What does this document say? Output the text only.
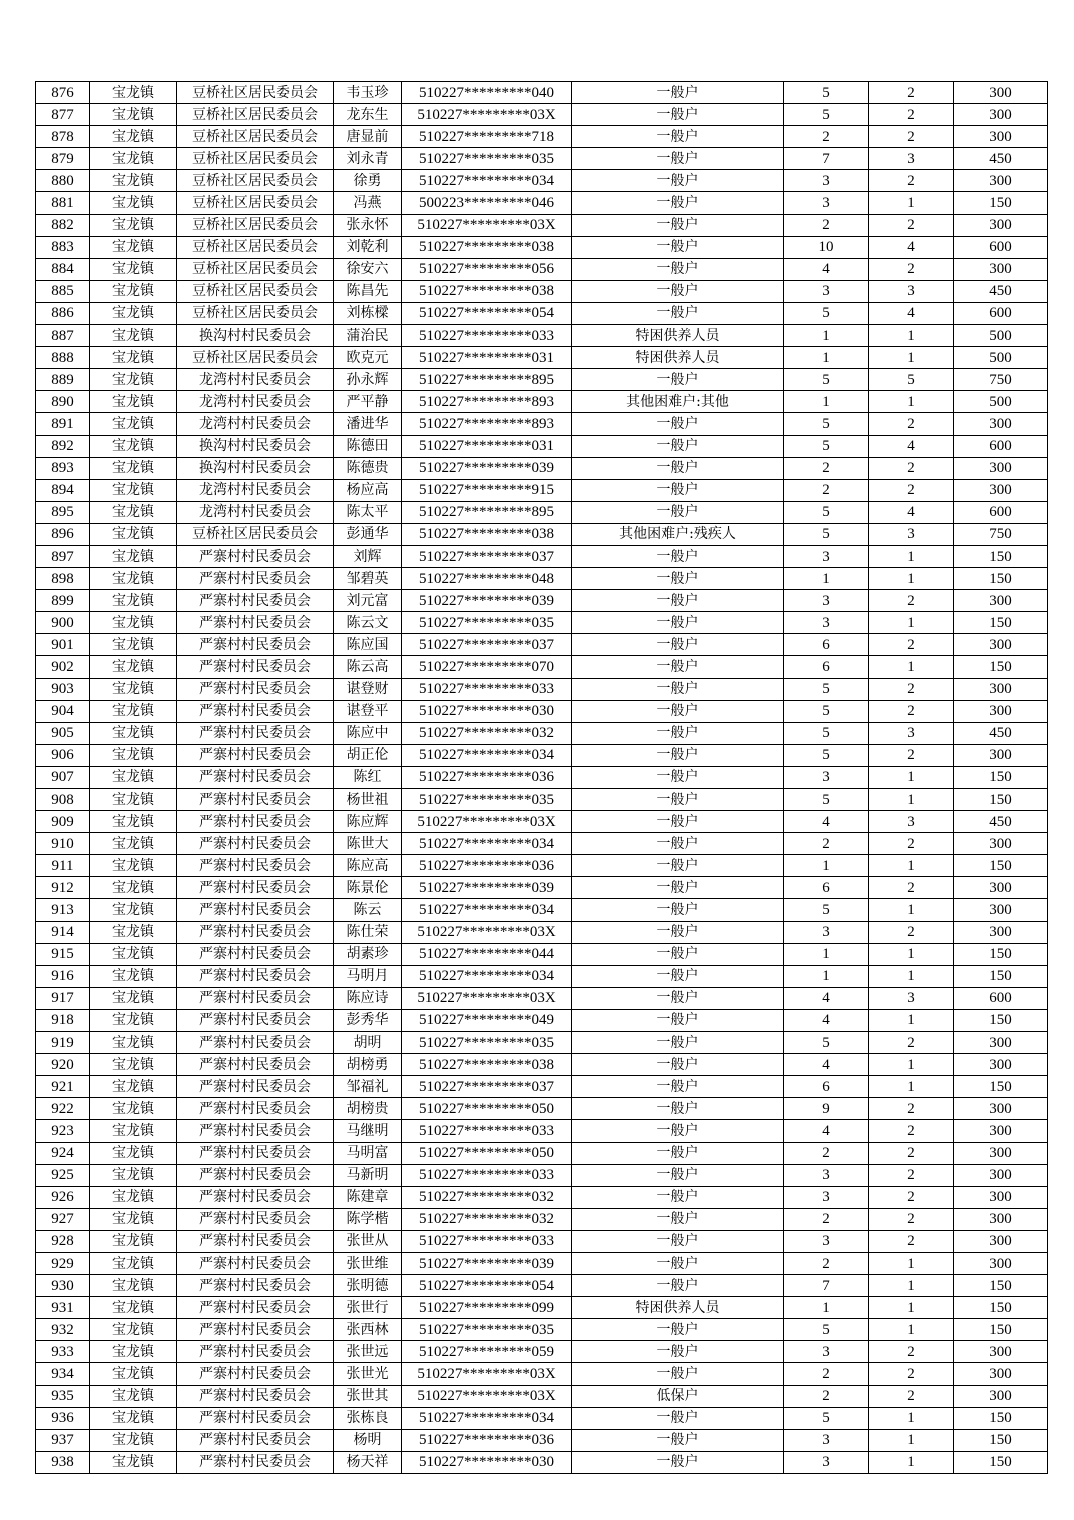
876	宝龙镇	豆桥社区居民委员会	韦玉珍	510227*********040	一般户	5	2	300
877	宝龙镇	豆桥社区居民委员会	龙东生	510227*********03X	一般户	5	2	300
878	宝龙镇	豆桥社区居民委员会	唐显前	510227*********718	一般户	2	2	300
879	宝龙镇	豆桥社区居民委员会	刘永青	510227*********035	一般户	7	3	450
880	宝龙镇	豆桥社区居民委员会	徐勇	510227*********034	一般户	3	2	300
881	宝龙镇	豆桥社区居民委员会	冯燕	500223*********046	一般户	3	1	150
882	宝龙镇	豆桥社区居民委员会	张永怀	510227*********03X	一般户	2	2	300
883	宝龙镇	豆桥社区居民委员会	刘乾利	510227*********038	一般户	10	4	600
884	宝龙镇	豆桥社区居民委员会	徐安六	510227*********056	一般户	4	2	300
885	宝龙镇	豆桥社区居民委员会	陈昌先	510227*********038	一般户	3	3	450
886	宝龙镇	豆桥社区居民委员会	刘栋樑	510227*********054	一般户	5	4	600
887	宝龙镇	换沟村村民委员会	蒲治民	510227*********033	特困供养人员	1	1	500
888	宝龙镇	豆桥社区居民委员会	欧克元	510227*********031	特困供养人员	1	1	500
889	宝龙镇	龙湾村村民委员会	孙永辉	510227*********895	一般户	5	5	750
890	宝龙镇	龙湾村村民委员会	严平静	510227*********893	其他困难户:其他	1	1	500
891	宝龙镇	龙湾村村民委员会	潘进华	510227*********893	一般户	5	2	300
892	宝龙镇	换沟村村民委员会	陈德田	510227*********031	一般户	5	4	600
893	宝龙镇	换沟村村民委员会	陈德贵	510227*********039	一般户	2	2	300
894	宝龙镇	龙湾村村民委员会	杨应高	510227*********915	一般户	2	2	300
895	宝龙镇	龙湾村村民委员会	陈太平	510227*********895	一般户	5	4	600
896	宝龙镇	豆桥社区居民委员会	彭通华	510227*********038	其他困难户:残疾人	5	3	750
897	宝龙镇	严寨村村民委员会	刘辉	510227*********037	一般户	3	1	150
898	宝龙镇	严寨村村民委员会	邹碧英	510227*********048	一般户	1	1	150
899	宝龙镇	严寨村村民委员会	刘元富	510227*********039	一般户	3	2	300
900	宝龙镇	严寨村村民委员会	陈云文	510227*********035	一般户	3	1	150
901	宝龙镇	严寨村村民委员会	陈应国	510227*********037	一般户	6	2	300
902	宝龙镇	严寨村村民委员会	陈云高	510227*********070	一般户	6	1	150
903	宝龙镇	严寨村村民委员会	谌登财	510227*********033	一般户	5	2	300
904	宝龙镇	严寨村村民委员会	谌登平	510227*********030	一般户	5	2	300
905	宝龙镇	严寨村村民委员会	陈应中	510227*********032	一般户	5	3	450
906	宝龙镇	严寨村村民委员会	胡正伦	510227*********034	一般户	5	2	300
907	宝龙镇	严寨村村民委员会	陈红	510227*********036	一般户	3	1	150
908	宝龙镇	严寨村村民委员会	杨世祖	510227*********035	一般户	5	1	150
909	宝龙镇	严寨村村民委员会	陈应辉	510227*********03X	一般户	4	3	450
910	宝龙镇	严寨村村民委员会	陈世大	510227*********034	一般户	2	2	300
911	宝龙镇	严寨村村民委员会	陈应高	510227*********036	一般户	1	1	150
912	宝龙镇	严寨村村民委员会	陈景伦	510227*********039	一般户	6	2	300
913	宝龙镇	严寨村村民委员会	陈云	510227*********034	一般户	5	1	300
914	宝龙镇	严寨村村民委员会	陈仕荣	510227*********03X	一般户	3	2	300
915	宝龙镇	严寨村村民委员会	胡素珍	510227*********044	一般户	1	1	150
916	宝龙镇	严寨村村民委员会	马明月	510227*********034	一般户	1	1	150
917	宝龙镇	严寨村村民委员会	陈应诗	510227*********03X	一般户	4	3	600
918	宝龙镇	严寨村村民委员会	彭秀华	510227*********049	一般户	4	1	150
919	宝龙镇	严寨村村民委员会	胡明	510227*********035	一般户	5	2	300
920	宝龙镇	严寨村村民委员会	胡榜勇	510227*********038	一般户	4	1	300
921	宝龙镇	严寨村村民委员会	邹福礼	510227*********037	一般户	6	1	150
922	宝龙镇	严寨村村民委员会	胡榜贵	510227*********050	一般户	9	2	300
923	宝龙镇	严寨村村民委员会	马继明	510227*********033	一般户	4	2	300
924	宝龙镇	严寨村村民委员会	马明富	510227*********050	一般户	2	2	300
925	宝龙镇	严寨村村民委员会	马新明	510227*********033	一般户	3	2	300
926	宝龙镇	严寨村村民委员会	陈建章	510227*********032	一般户	3	2	300
927	宝龙镇	严寨村村民委员会	陈学楷	510227*********032	一般户	2	2	300
928	宝龙镇	严寨村村民委员会	张世从	510227*********033	一般户	3	2	300
929	宝龙镇	严寨村村民委员会	张世维	510227*********039	一般户	2	1	300
930	宝龙镇	严寨村村民委员会	张明德	510227*********054	一般户	7	1	150
931	宝龙镇	严寨村村民委员会	张世行	510227*********099	特困供养人员	1	1	150
932	宝龙镇	严寨村村民委员会	张西林	510227*********035	一般户	5	1	150
933	宝龙镇	严寨村村民委员会	张世远	510227*********059	一般户	3	2	300
934	宝龙镇	严寨村村民委员会	张世光	510227*********03X	一般户	2	2	300
935	宝龙镇	严寨村村民委员会	张世其	510227*********03X	低保户	2	2	300
936	宝龙镇	严寨村村民委员会	张栋良	510227*********034	一般户	5	1	150
937	宝龙镇	严寨村村民委员会	杨明	510227*********036	一般户	3	1	150
938	宝龙镇	严寨村村民委员会	杨天祥	510227*********030	一般户	3	1	150
